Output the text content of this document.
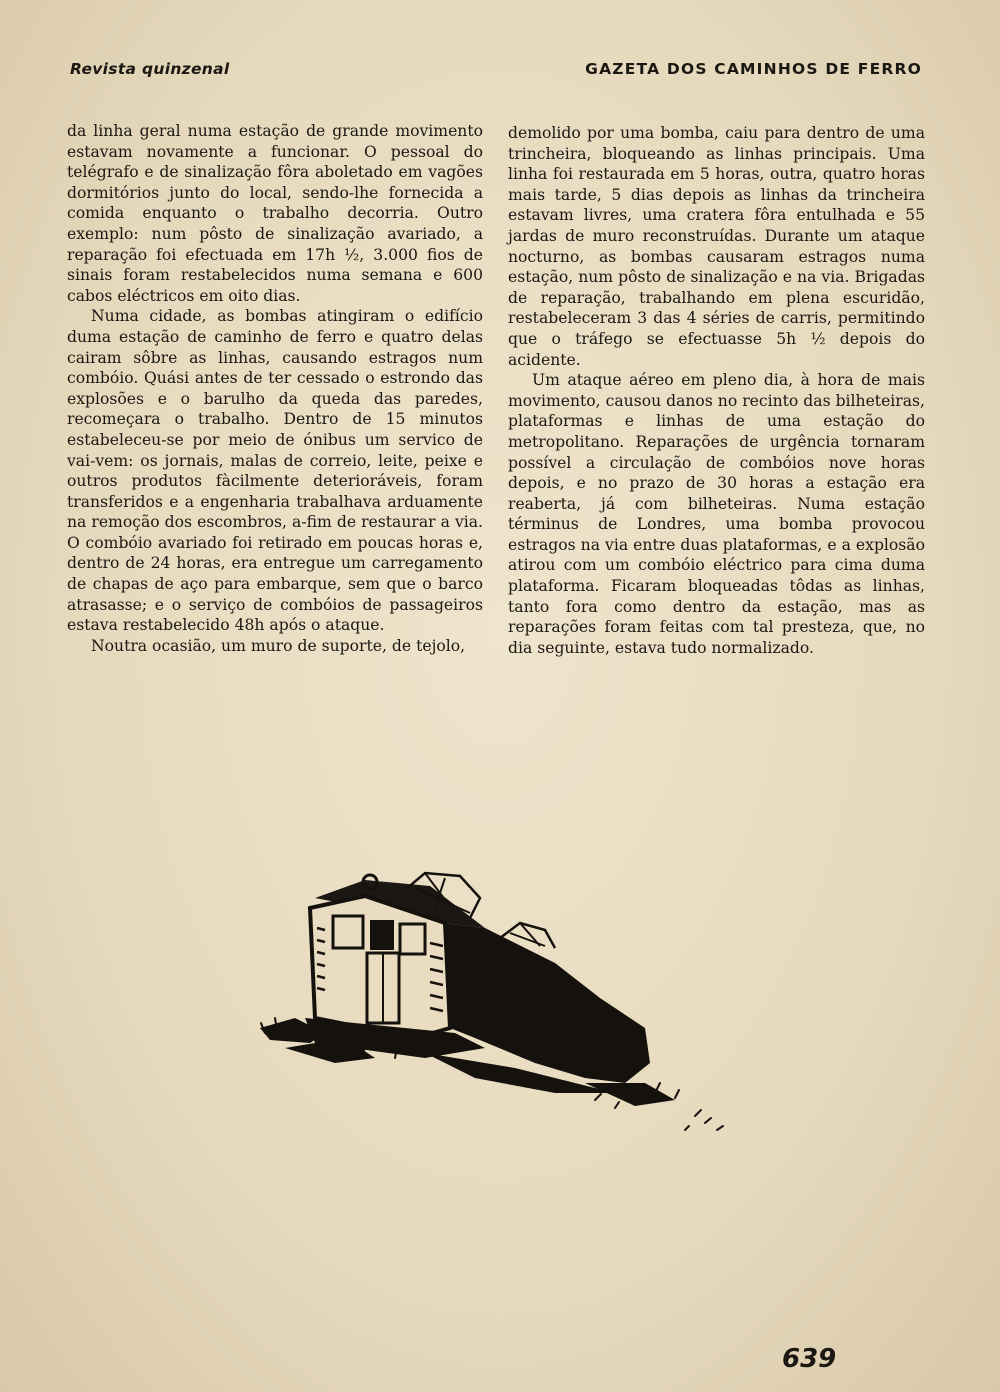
Revista quinzenal	GAZETA DOS CAMINHOS DE FERRO

da linha geral numa estação de grande movimento estavam novamente a funcionar. O pessoal do telégrafo e de sinalização fôra aboletado em vagões dormitórios junto do local, sendo-lhe fornecida a comida enquanto o trabalho decorria. Outro exemplo: num pôsto de sinalização avariado, a reparação foi efectuada em 17h ½, 3.000 fios de sinais foram restabelecidos numa semana e 600 cabos eléctricos em oito dias.

Numa cidade, as bombas atingiram o edifício duma estação de caminho de ferro e quatro delas cairam sôbre as linhas, causando estragos num combóio. Quási antes de ter cessado o estrondo das explosões e o barulho da queda das paredes, recomeçara o trabalho. Dentro de 15 minutos estabeleceu-se por meio de ónibus um servico de vai-vem: os jornais, malas de correio, leite, peixe e outros produtos fàcilmente deterioráveis, foram transferidos e a engenharia trabalhava arduamente na remoção dos escombros, a-fim de restaurar a via. O combóio avariado foi retirado em poucas horas e, dentro de 24 horas, era entregue um carregamento de chapas de aço para embarque, sem que o barco atrasasse; e o serviço de combóios de passageiros estava restabelecido 48h após o ataque.

Noutra ocasião, um muro de suporte, de tejolo,

demolido por uma bomba, caiu para dentro de uma trincheira, bloqueando as linhas principais. Uma linha foi restaurada em 5 horas, outra, quatro horas mais tarde, 5 dias depois as linhas da trincheira estavam livres, uma cratera fôra entulhada e 55 jardas de muro reconstruídas. Durante um ataque nocturno, as bombas causaram estragos numa estação, num pôsto de sinalização e na via. Brigadas de reparação, trabalhando em plena escuridão, restabeleceram 3 das 4 séries de carris, permitindo que o tráfego se efectuasse 5h ½ depois do acidente.

Um ataque aéreo em pleno dia, à hora de mais movimento, causou danos no recinto das bilheteiras, plataformas e linhas de uma estação do metropolitano. Reparações de urgência tornaram possível a circulação de combóios nove horas depois, e no prazo de 30 horas a estação era reaberta, já com bilheteiras. Numa estação términus de Londres, uma bomba provocou estragos na via entre duas plataformas, e a explosão atirou com um combóio eléctrico para cima duma plataforma. Ficaram bloqueadas tôdas as linhas, tanto fora como dentro da estação, mas as reparações foram feitas com tal presteza, que, no dia seguinte, estava tudo normalizado.

639
